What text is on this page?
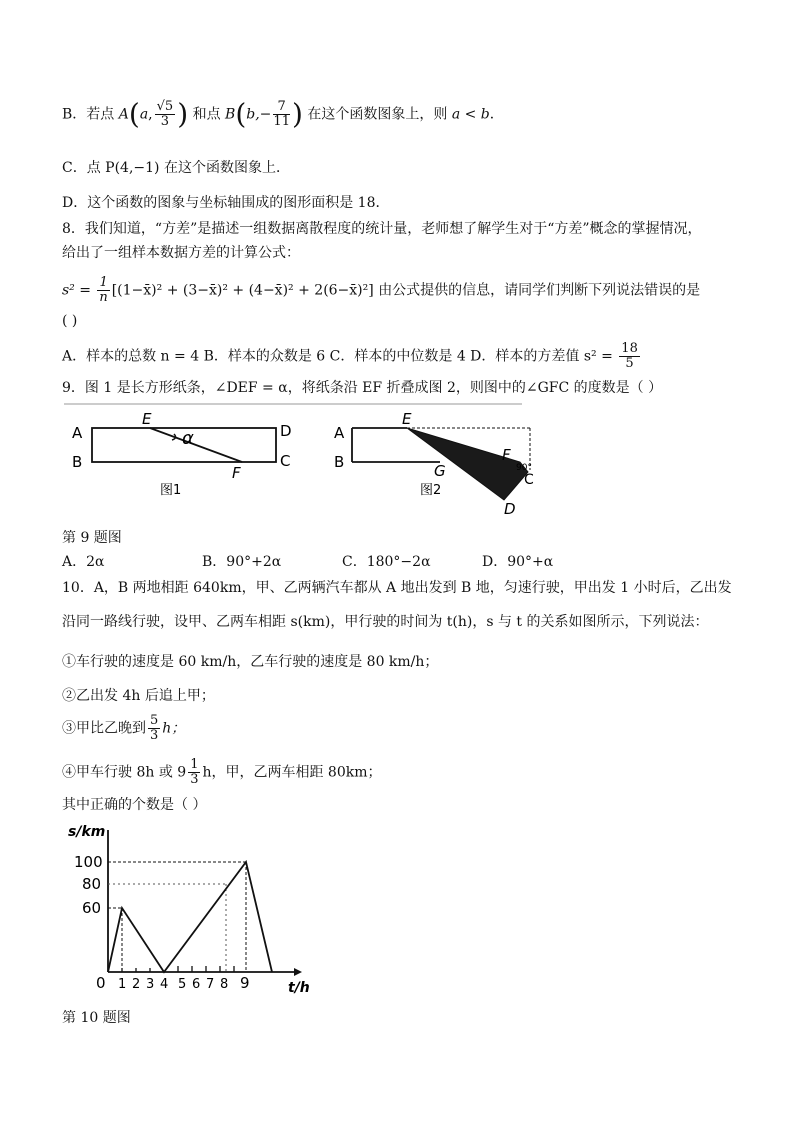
B．若点 A(a, $\frac{√5}{3}$ ) 和点 $B(b,- \frac{7}{11}$ ) 在这个函数图象上，则 a < b．
C．点 P(4,−1) 在这个函数图象上．
D．这个函数的图象与坐标轴围成的图形面积是 18．
8．我们知道，“方差”是描述一组数据离散程度的统计量，老师想了解学生对于“方差”概念的掌握情况，
给出了一组样本数据方差的计算公式：
$s^2 = \frac{1}{n}$ [(1−x̄)² + (3−x̄)² + (4−x̄)² + 2(6−x̄)²] 由公式提供的信息，请同学们判断下列说法错误的是
( )
A．样本的总数 n = 4 B．样本的众数是 6 C．样本的中位数是 4 D．样本的方差值 $s^2 = \frac{18}{5}$
9．图 1 是长方形纸条，∠DEF = α，将纸条沿 EF 折叠成图 2，则图中的∠GFC 的度数是（ ）
A
E
α	D
B
F
C
图1
A
E
B	G
F
90°
C
D
图2
第 9 题图
A．2α	B．90°+2α	C．180°−2α	D．90°+α
10．A，B 两地相距 640km，甲、乙两辆汽车都从 A 地出发到 B 地，匀速行驶，甲出发 1 小时后，乙出发
沿同一路线行驶，设甲、乙两车相距 s(km)，甲行驶的时间为 t(h)，s 与 t 的关系如图所示，下列说法：
①车行驶的速度是 60 km/h，乙车行驶的速度是 80 km/h；
②乙出发 4h 后追上甲；
③甲比乙晚到 $\frac{5}{3}$ h；
④甲车行驶 8h 或 $9 \frac{1}{3}$ h，甲，乙两车相距 80km；
其中正确的个数是（ ）
s/km
t/h
100
80
60
0 1 2 3 4 5 6 7 8 9
第 10 题图
